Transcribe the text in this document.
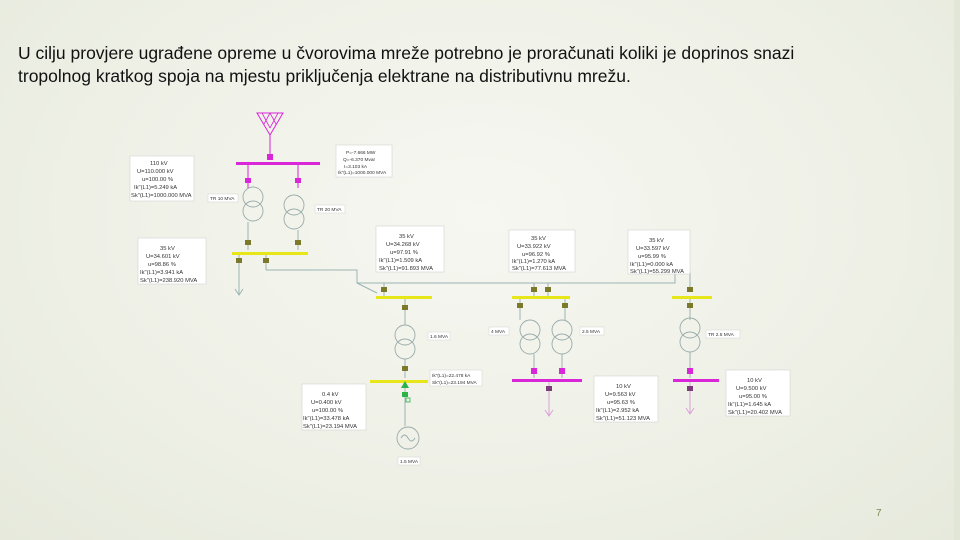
U cilju provjere ugrađene opreme u čvorovima mreže potrebno je proračunati koliki je doprinos snazi
tropolnog kratkog spoja na mjestu priključenja elektrane na distributivnu mrežu.
110 kV
U=110.000 kV
u=100.00 %
Ik"(L1)=5.249 kA
Sk"(L1)=1000.000 MVA
P=-7.666 MW
Q=-6.370 Mvar
I=3.103 kA
Ik"(L1)=1000.000 MVA
TR 10 MVA
TR 20 MVA
35 kV
U=34.601 kV
u=98.86 %
Ik"(L1)=3.941 kA
Sk"(L1)=238.920 MVA
35 kV
U=34.268 kV
u=97.91 %
Ik"(L1)=1.509 kA
Sk"(L1)=91.893 MVA
1.6 MVA
Ik"(L1)=22.478 kA
Sk"(L1)=23.194 MVA
0.4 kV
U=0.400 kV
u=100.00 %
Ik"(L1)=33.478 kA
Sk"(L1)=23.194 MVA
1.5 MVA
35 kV
U=33.922 kV
u=96.92 %
Ik"(L1)=1.270 kA
Sk"(L1)=77.613 MVA
4 MVA	2.5 MVA
10 kV
U=9.563 kV
u=95.63 %
Ik"(L1)=2.952 kA
Sk"(L1)=51.123 MVA
35 kV
U=33.597 kV
u=95.99 %
Ik"(L1)=0.000 kA
Sk"(L1)=55.299 MVA
TR 2.5 MVA
10 kV
U=9.500 kV
u=95.00 %
Ik"(L1)=1.645 kA
Sk"(L1)=20.402 MVA
7
